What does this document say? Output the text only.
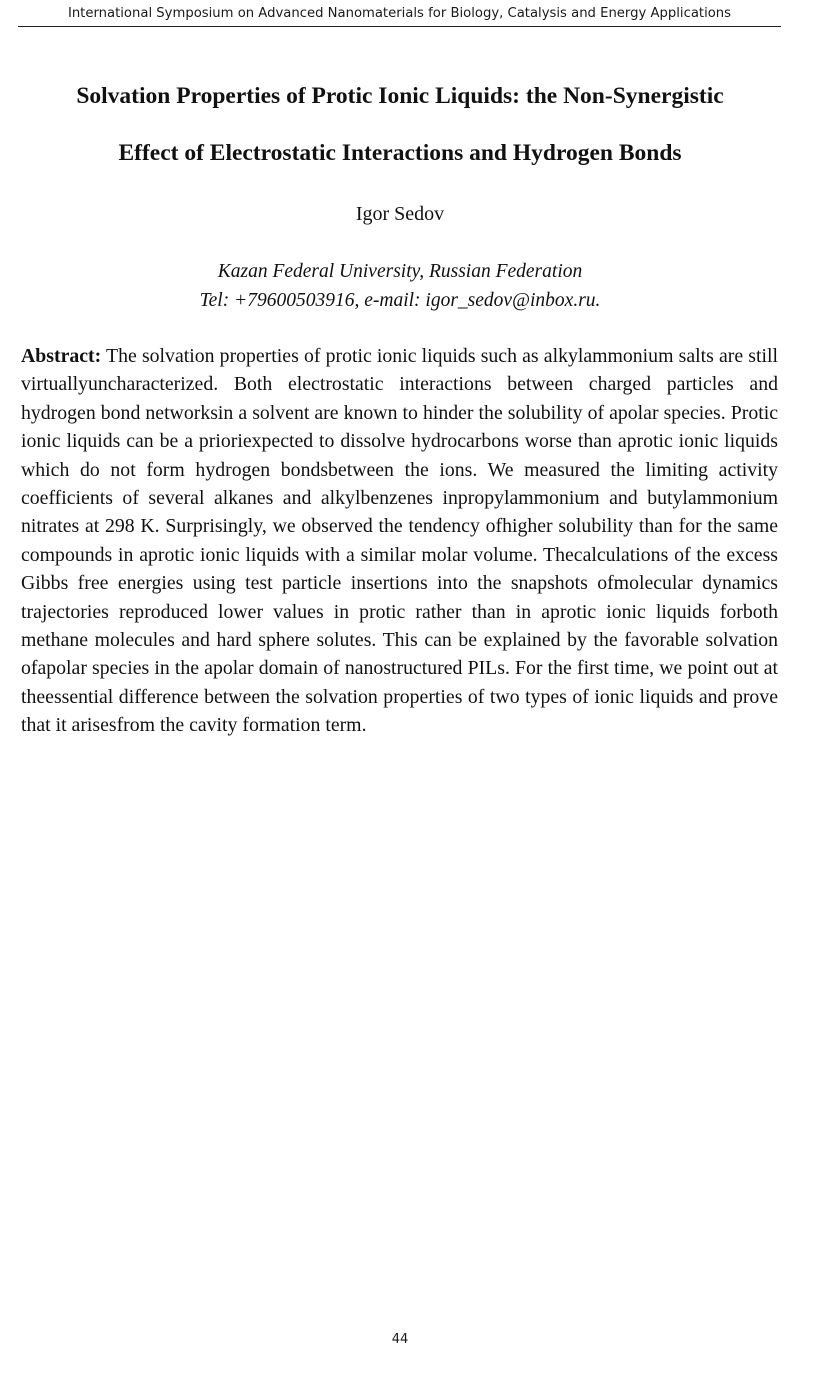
International Symposium on Advanced Nanomaterials for Biology, Catalysis and Energy Applications
Solvation Properties of Protic Ionic Liquids: the Non-Synergistic
Effect of Electrostatic Interactions and Hydrogen Bonds
Igor Sedov
Kazan Federal University, Russian Federation
Tel: +79600503916, e-mail: igor_sedov@inbox.ru.

Abstract: The solvation properties of protic ionic liquids such as alkylammonium salts are still virtuallyuncharacterized. Both electrostatic interactions between charged particles and hydrogen bond networksin a solvent are known to hinder the solubility of apolar species. Protic ionic liquids can be a prioriexpected to dissolve hydrocarbons worse than aprotic ionic liquids which do not form hydrogen bondsbetween the ions. We measured the limiting activity coefficients of several alkanes and alkylbenzenes inpropylammonium and butylammonium nitrates at 298 K. Surprisingly, we observed the tendency ofhigher solubility than for the same compounds in aprotic ionic liquids with a similar molar volume. Thecalculations of the excess Gibbs free energies using test particle insertions into the snapshots ofmolecular dynamics trajectories reproduced lower values in protic rather than in aprotic ionic liquids forboth methane molecules and hard sphere solutes. This can be explained by the favorable solvation ofapolar species in the apolar domain of nanostructured PILs. For the first time, we point out at theessential difference between the solvation properties of two types of ionic liquids and prove that it arisesfrom the cavity formation term.

44
